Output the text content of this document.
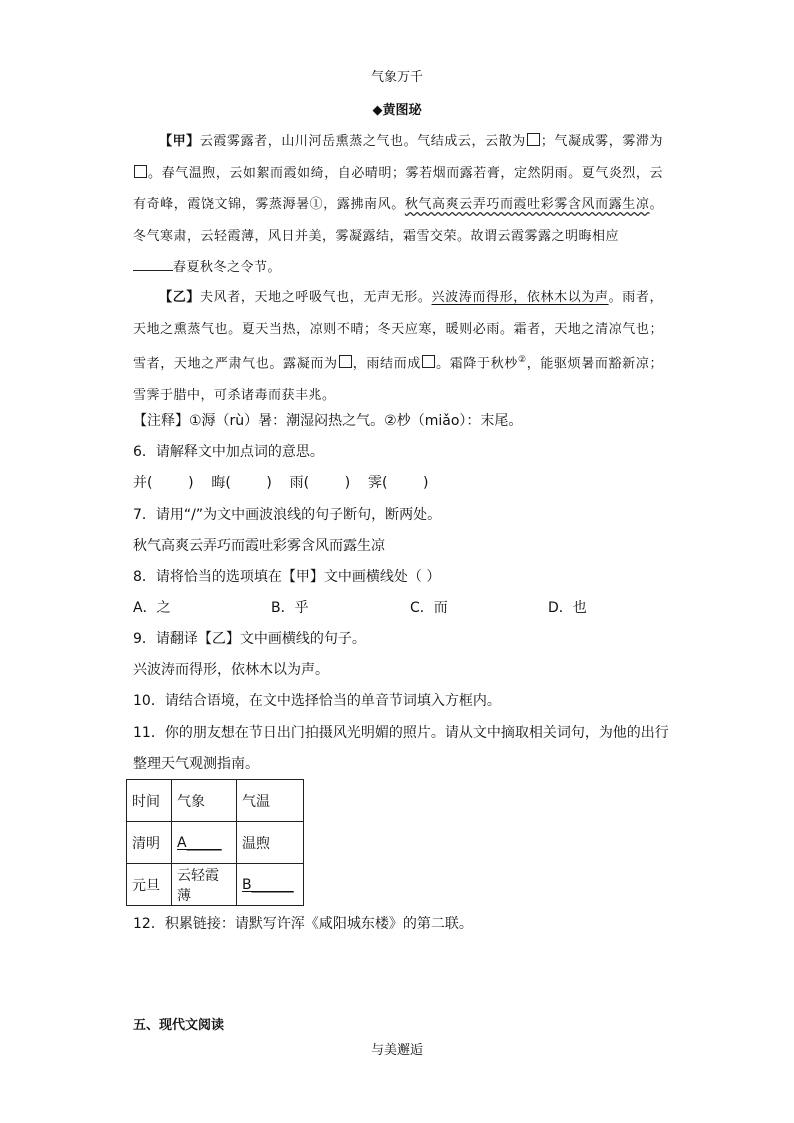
气象万千
◆黄图珌
【甲】云霞雾露者，山川河岳熏蒸之气也。气结成云，云散为 ；气凝成雾，雾滞为。春气温煦，云如絮而霞如绮，自必晴明；雾若烟而露若膏，定然阴雨。夏气炎烈，云有奇峰，霞饶文锦，雾蒸溽暑①，露拂南风。秋气高爽云弄巧而霞吐彩雾含风而露生凉。冬气寒肃，云轻霞薄，风日并美，雾凝露结，霜雪交荣。故谓云霞雾露之明晦相应
春夏秋冬之令节。
【乙】夫风者，天地之呼吸气也，无声无形。兴波涛而得形，依林木以为声。雨者，天地之熏蒸气也。夏天当热，凉则不晴；冬天应寒，暖则必雨。霜者，天地之清凉气也；雪者，天地之严肃气也。露凝而为 ，雨结而成 。霜降于秋杪②，能驱烦暑而豁新凉；雪霁于腊中，可杀诸毒而获丰兆。
【注释】①溽（rù）暑：潮湿闷热之气。②杪（miǎo）：末尾。
6．请解释文中加点词的意思。
并(        )    晦(        )    雨(        )    霁(        )
7．请用“/”为文中画波浪线的句子断句，断两处。
秋气高爽云弄巧而霞吐彩雾含风而露生凉
8．请将恰当的选项填在【甲】文中画横线处（ ）
A．之	B．乎	C．而	D．也
9．请翻译【乙】文中画横线的句子。
兴波涛而得形，依林木以为声。
10．请结合语境，在文中选择恰当的单音节词填入方框内。
11．你的朋友想在节日出门拍摄风光明媚的照片。请从文中摘取相关词句，为他的出行
整理天气观测指南。
时间	气象	气温
清明	A_____	温煦
元旦	云轻霞薄	B______
12．积累链接：请默写许浑《咸阳城东楼》的第二联。
五、现代文阅读
与美邂逅
